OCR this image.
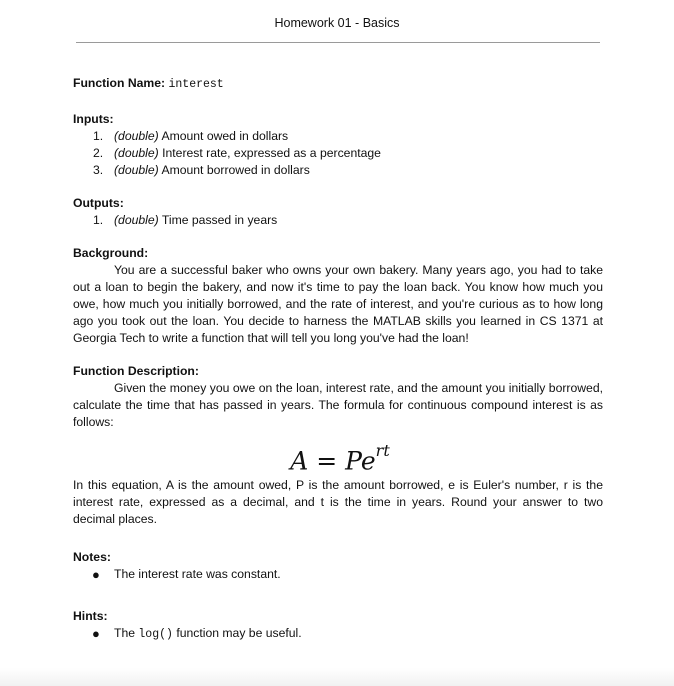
Homework 01 - Basics
Function Name: interest
Inputs:
1. (double) Amount owed in dollars
2. (double) Interest rate, expressed as a percentage
3. (double) Amount borrowed in dollars
Outputs:
1. (double) Time passed in years
Background:
You are a successful baker who owns your own bakery. Many years ago, you had to take out a loan to begin the bakery, and now it's time to pay the loan back. You know how much you owe, how much you initially borrowed, and the rate of interest, and you're curious as to how long ago you took out the loan. You decide to harness the MATLAB skills you learned in CS 1371 at Georgia Tech to write a function that will tell you long you've had the loan!
Function Description:
Given the money you owe on the loan, interest rate, and the amount you initially borrowed, calculate the time that has passed in years. The formula for continuous compound interest is as follows:
$A = Pe^{rt}$
In this equation, A is the amount owed, P is the amount borrowed, e is Euler's number, r is the interest rate, expressed as a decimal, and t is the time in years. Round your answer to two decimal places.
Notes:
● The interest rate was constant.
Hints:
● The log() function may be useful.
